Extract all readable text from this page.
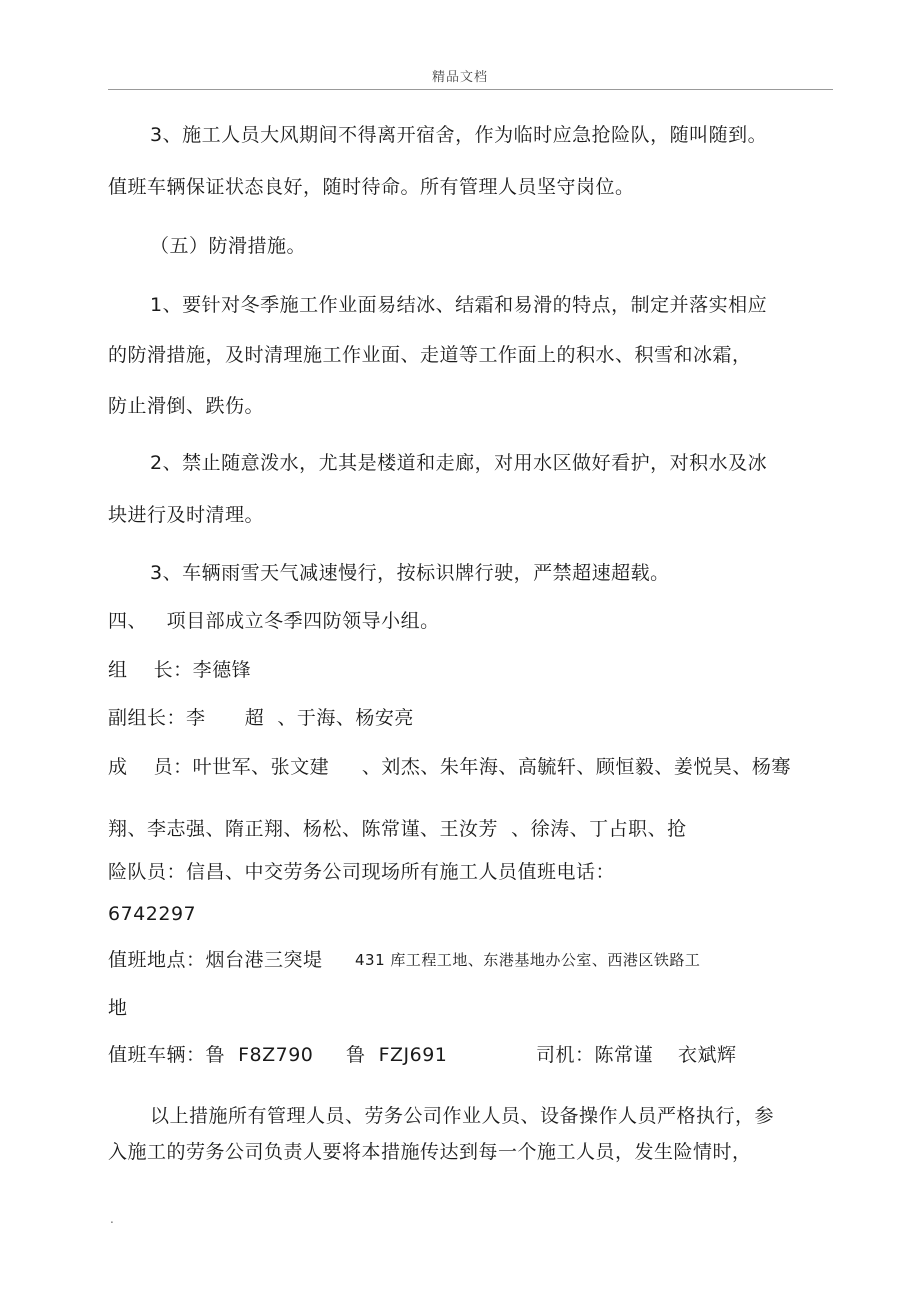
精品文档
3、施工人员大风期间不得离开宿舍，作为临时应急抢险队，随叫随到。
值班车辆保证状态良好，随时待命。所有管理人员坚守岗位。
（五）防滑措施。
1、要针对冬季施工作业面易结冰、结霜和易滑的特点，制定并落实相应
的防滑措施，及时清理施工作业面、走道等工作面上的积水、积雪和冰霜，
防止滑倒、跌伤。
2、禁止随意泼水，尤其是楼道和走廊，对用水区做好看护，对积水及冰
块进行及时清理。
3、车辆雨雪天气减速慢行，按标识牌行驶，严禁超速超载。
四、   项目部成立冬季四防领导小组。
组    长：李德锋
副组长：李      超  、于海、杨安亮
成    员：叶世军、张文建     、刘杰、朱年海、高毓轩、顾恒毅、姜悦昊、杨骞
翔、李志强、隋正翔、杨松、陈常谨、王汝芳  、徐涛、丁占职、抢
险队员：信昌、中交劳务公司现场所有施工人员值班电话：
6742297
值班地点：烟台港三突堤 431 库工程工地、东港基地办公室、西港区铁路工
地
值班车辆：鲁  F8Z790 鲁  FZJ691	司机：陈常谨 衣斌辉
以上措施所有管理人员、劳务公司作业人员、设备操作人员严格执行，参
入施工的劳务公司负责人要将本措施传达到每一个施工人员，发生险情时，
.
